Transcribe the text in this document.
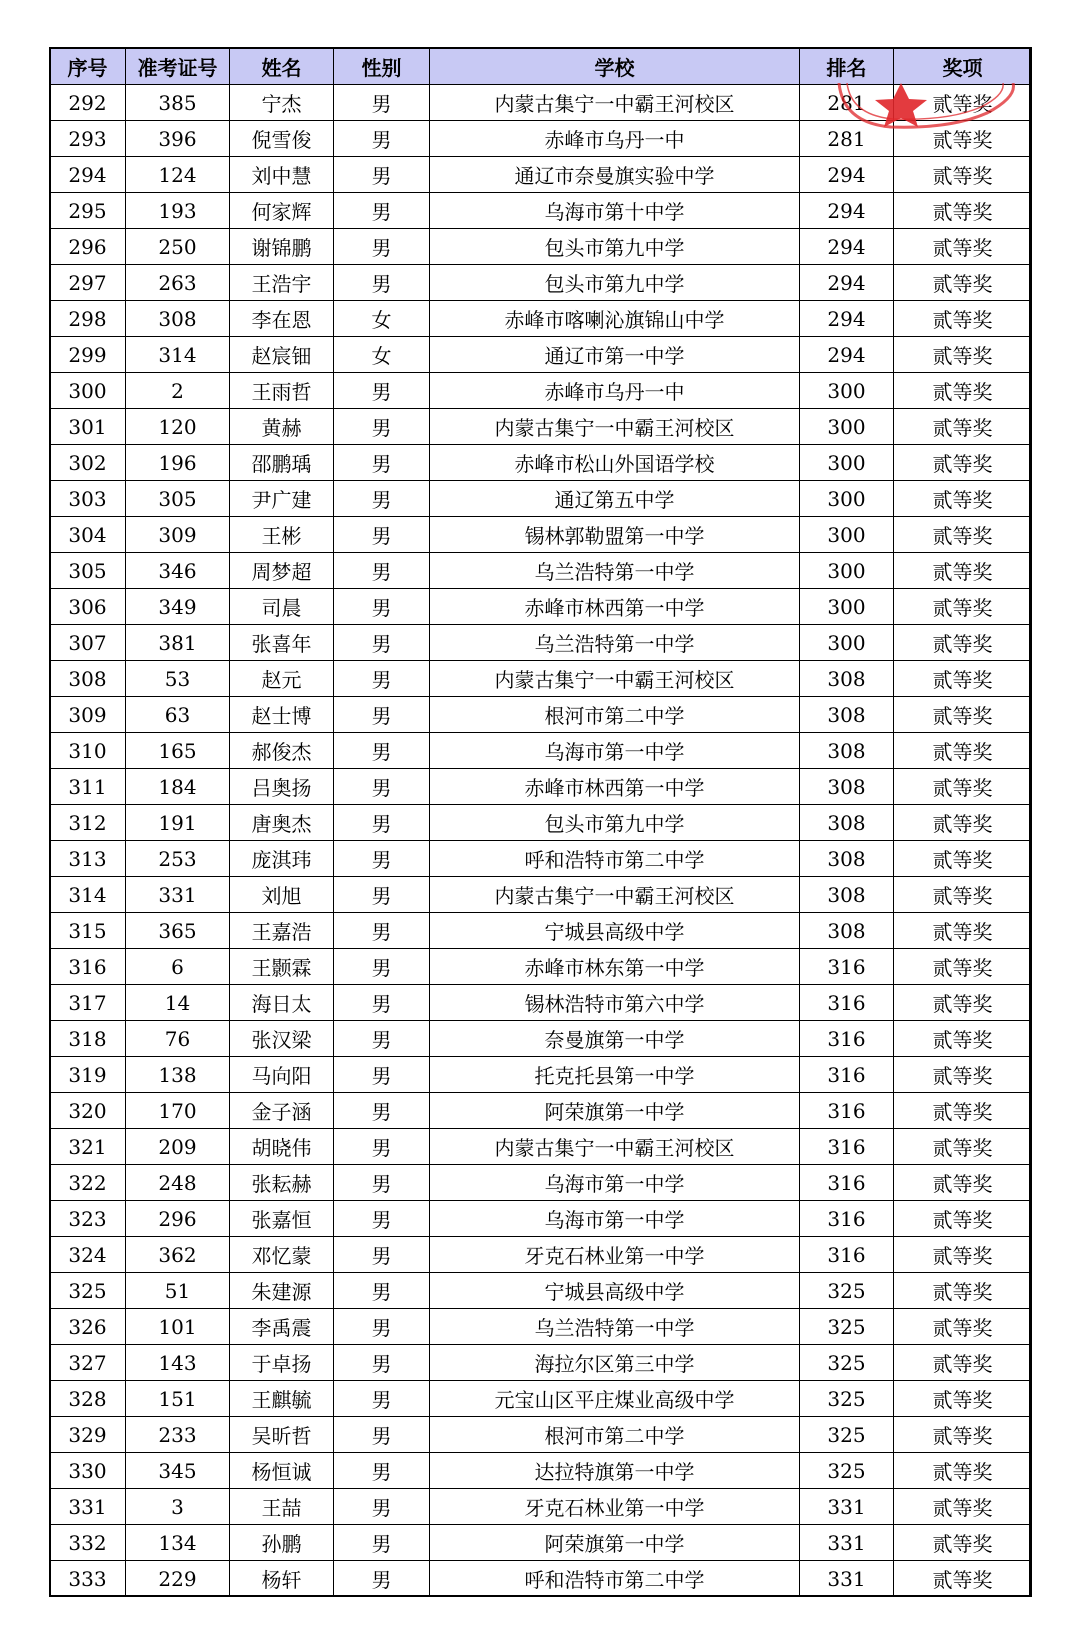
序号	准考证号	姓名	性别	学校	排名	奖项
292	385	宁杰	男	内蒙古集宁一中霸王河校区	281	贰等奖
293	396	倪雪俊	男	赤峰市乌丹一中	281	贰等奖
294	124	刘中慧	男	通辽市奈曼旗实验中学	294	贰等奖
295	193	何家辉	男	乌海市第十中学	294	贰等奖
296	250	谢锦鹏	男	包头市第九中学	294	贰等奖
297	263	王浩宇	男	包头市第九中学	294	贰等奖
298	308	李在恩	女	赤峰市喀喇沁旗锦山中学	294	贰等奖
299	314	赵宸钿	女	通辽市第一中学	294	贰等奖
300	2	王雨哲	男	赤峰市乌丹一中	300	贰等奖
301	120	黄赫	男	内蒙古集宁一中霸王河校区	300	贰等奖
302	196	邵鹏瑀	男	赤峰市松山外国语学校	300	贰等奖
303	305	尹广建	男	通辽第五中学	300	贰等奖
304	309	王彬	男	锡林郭勒盟第一中学	300	贰等奖
305	346	周梦超	男	乌兰浩特第一中学	300	贰等奖
306	349	司晨	男	赤峰市林西第一中学	300	贰等奖
307	381	张喜年	男	乌兰浩特第一中学	300	贰等奖
308	53	赵元	男	内蒙古集宁一中霸王河校区	308	贰等奖
309	63	赵士博	男	根河市第二中学	308	贰等奖
310	165	郝俊杰	男	乌海市第一中学	308	贰等奖
311	184	吕奥扬	男	赤峰市林西第一中学	308	贰等奖
312	191	唐奥杰	男	包头市第九中学	308	贰等奖
313	253	庞淇玮	男	呼和浩特市第二中学	308	贰等奖
314	331	刘旭	男	内蒙古集宁一中霸王河校区	308	贰等奖
315	365	王嘉浩	男	宁城县高级中学	308	贰等奖
316	6	王颢霖	男	赤峰市林东第一中学	316	贰等奖
317	14	海日太	男	锡林浩特市第六中学	316	贰等奖
318	76	张汉梁	男	奈曼旗第一中学	316	贰等奖
319	138	马向阳	男	托克托县第一中学	316	贰等奖
320	170	金子涵	男	阿荣旗第一中学	316	贰等奖
321	209	胡晓伟	男	内蒙古集宁一中霸王河校区	316	贰等奖
322	248	张耘赫	男	乌海市第一中学	316	贰等奖
323	296	张嘉恒	男	乌海市第一中学	316	贰等奖
324	362	邓忆蒙	男	牙克石林业第一中学	316	贰等奖
325	51	朱建源	男	宁城县高级中学	325	贰等奖
326	101	李禹震	男	乌兰浩特第一中学	325	贰等奖
327	143	于卓扬	男	海拉尔区第三中学	325	贰等奖
328	151	王麒毓	男	元宝山区平庄煤业高级中学	325	贰等奖
329	233	吴昕哲	男	根河市第二中学	325	贰等奖
330	345	杨恒诚	男	达拉特旗第一中学	325	贰等奖
331	3	王喆	男	牙克石林业第一中学	331	贰等奖
332	134	孙鹏	男	阿荣旗第一中学	331	贰等奖
333	229	杨轩	男	呼和浩特市第二中学	331	贰等奖
